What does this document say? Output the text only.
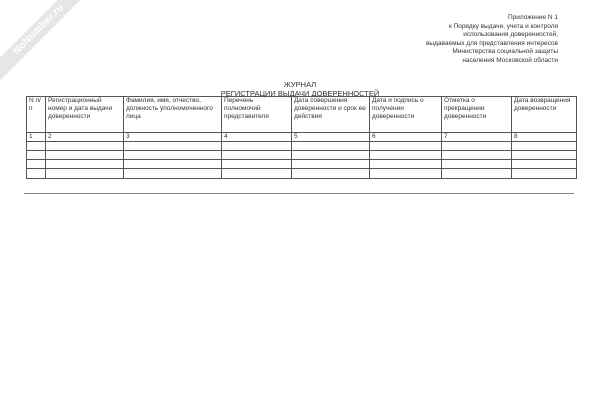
NoNumber.ru	Приложение N 1
к Порядку выдачи, учета и контроля
использования доверенностей,
выдаваемых для представления интересов
Министерства социальной защиты
населения Московской области
ЖУРНАЛ
РЕГИСТРАЦИИ ВЫДАЧИ ДОВЕРЕННОСТЕЙ
N п/п	Регистрационный номер и дата выдачи доверенности	Фамилия, имя, отчество, должность уполномоченного лица	Перечень полномочий представителя	Дата совершения доверенности и срок ее действия	Дата и подпись о получении доверенности	Отметка о прекращении доверенности	Дата возвращения доверенности
1	2	3	4	5	6	7	8
